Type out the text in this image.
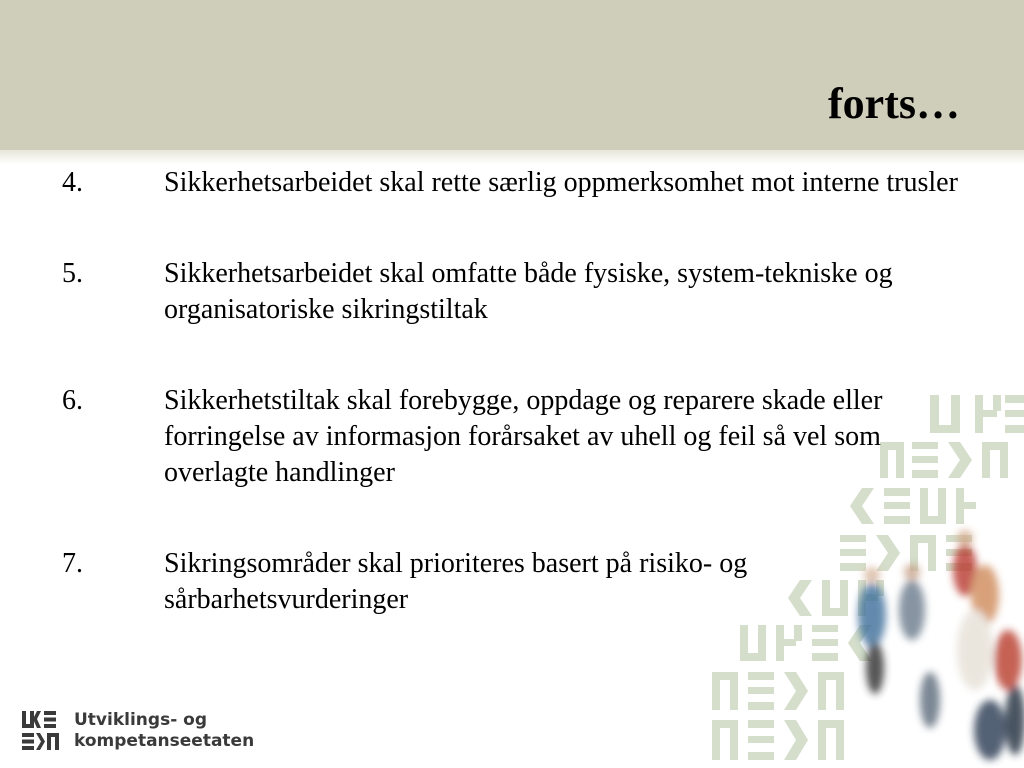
forts…
4.	Sikkerhetsarbeidet skal rette særlig oppmerksomhet mot interne trusler
5.	Sikkerhetsarbeidet skal omfatte både fysiske, system-tekniske og organisatoriske sikringstiltak
6.	Sikkerhetstiltak skal forebygge, oppdage og reparere skade eller forringelse av informasjon forårsaket av uhell og feil så vel som overlagte handlinger
7.	Sikringsområder skal prioriteres basert på risiko- og sårbarhetsvurderinger
Utviklings- og
kompetanseetaten
